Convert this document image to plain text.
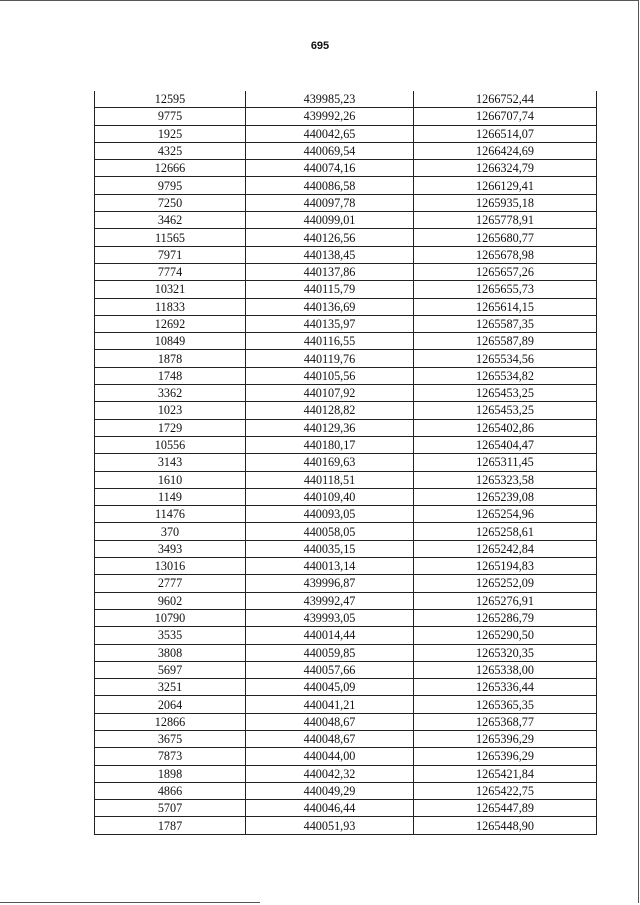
695
12595	439985,23	1266752,44
9775	439992,26	1266707,74
1925	440042,65	1266514,07
4325	440069,54	1266424,69
12666	440074,16	1266324,79
9795	440086,58	1266129,41
7250	440097,78	1265935,18
3462	440099,01	1265778,91
11565	440126,56	1265680,77
7971	440138,45	1265678,98
7774	440137,86	1265657,26
10321	440115,79	1265655,73
11833	440136,69	1265614,15
12692	440135,97	1265587,35
10849	440116,55	1265587,89
1878	440119,76	1265534,56
1748	440105,56	1265534,82
3362	440107,92	1265453,25
1023	440128,82	1265453,25
1729	440129,36	1265402,86
10556	440180,17	1265404,47
3143	440169,63	1265311,45
1610	440118,51	1265323,58
1149	440109,40	1265239,08
11476	440093,05	1265254,96
370	440058,05	1265258,61
3493	440035,15	1265242,84
13016	440013,14	1265194,83
2777	439996,87	1265252,09
9602	439992,47	1265276,91
10790	439993,05	1265286,79
3535	440014,44	1265290,50
3808	440059,85	1265320,35
5697	440057,66	1265338,00
3251	440045,09	1265336,44
2064	440041,21	1265365,35
12866	440048,67	1265368,77
3675	440048,67	1265396,29
7873	440044,00	1265396,29
1898	440042,32	1265421,84
4866	440049,29	1265422,75
5707	440046,44	1265447,89
1787	440051,93	1265448,90
